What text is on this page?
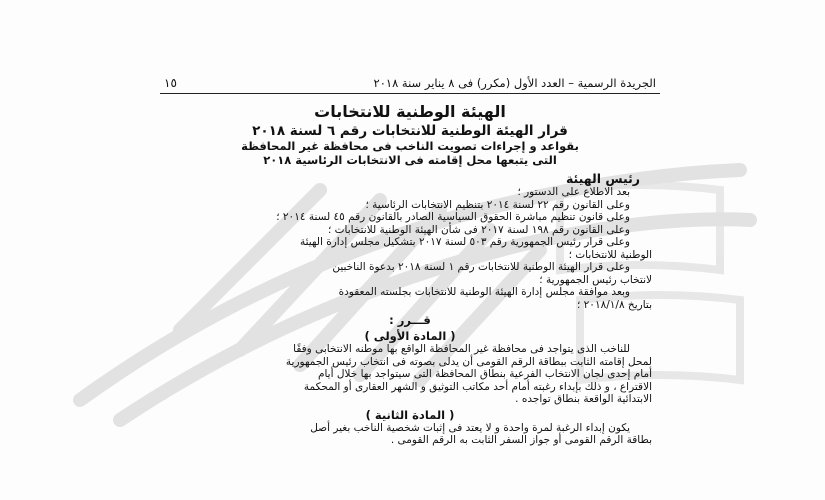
الجريدة الرسمية – العدد الأول (مكرر) فى ٨ يناير سنة ٢٠١٨
١٥
الهيئة الوطنية للانتخابات
قرار الهيئة الوطنية للانتخابات رقم ٦ لسنة ٢٠١٨
بقواعد و إجراءات تصويت الناخب فى محافظة غير المحافظة
التى يتبعها محل إقامته فى الانتخابات الرئاسية ٢٠١٨
رئيس الهيئة

بعد الاطلاع على الدستور ؛

وعلى القانون رقم ٢٢ لسنة ٢٠١٤ بتنظيم الانتخابات الرئاسية ؛

وعلى قانون تنظيم مباشرة الحقوق السياسية الصادر بالقانون رقم ٤٥ لسنة ٢٠١٤ ؛

وعلى القانون رقم ١٩٨ لسنة ٢٠١٧ فى شأن الهيئة الوطنية للانتخابات ؛

وعلى قرار رئيس الجمهورية رقم ٥٠٣ لسنة ٢٠١٧ بتشكيل مجلس إدارة الهيئة

الوطنية للانتخابات ؛

وعلى قرار الهيئة الوطنية للانتخابات رقم ١ لسنة ٢٠١٨ بدعوة الناخبين

لانتخاب رئيس الجمهورية ؛

وبعد موافقة مجلس إدارة الهيئة الوطنية للانتخابات بجلسته المعقودة

بتاريخ ٢٠١٨/١/٨ ؛

قـــرر :
( المادة الأولى )

للناخب الذى يتواجد فى محافظة غير المحافظة الواقع بها موطنه الانتخابى وفقًا

لمحل إقامته الثابت ببطاقة الرقم القومى أن يدلى بصوته فى انتخاب رئيس الجمهورية

أمام إحدى لجان الانتخاب الفرعية بنطاق المحافظة التى سيتواجد بها خلال أيام

الاقتراع ، و ذلك بإبداء رغبته أمام أحد مكاتب التوثيق و الشهر العقارى أو المحكمة

الابتدائية الواقعة بنطاق تواجده .

( المادة الثانية )

يكون إبداء الرغبة لمرة واحدة و لا يعتد فى إثبات شخصية الناخب بغير أصل

بطاقة الرقم القومى أو جواز السفر الثابت به الرقم القومى .
